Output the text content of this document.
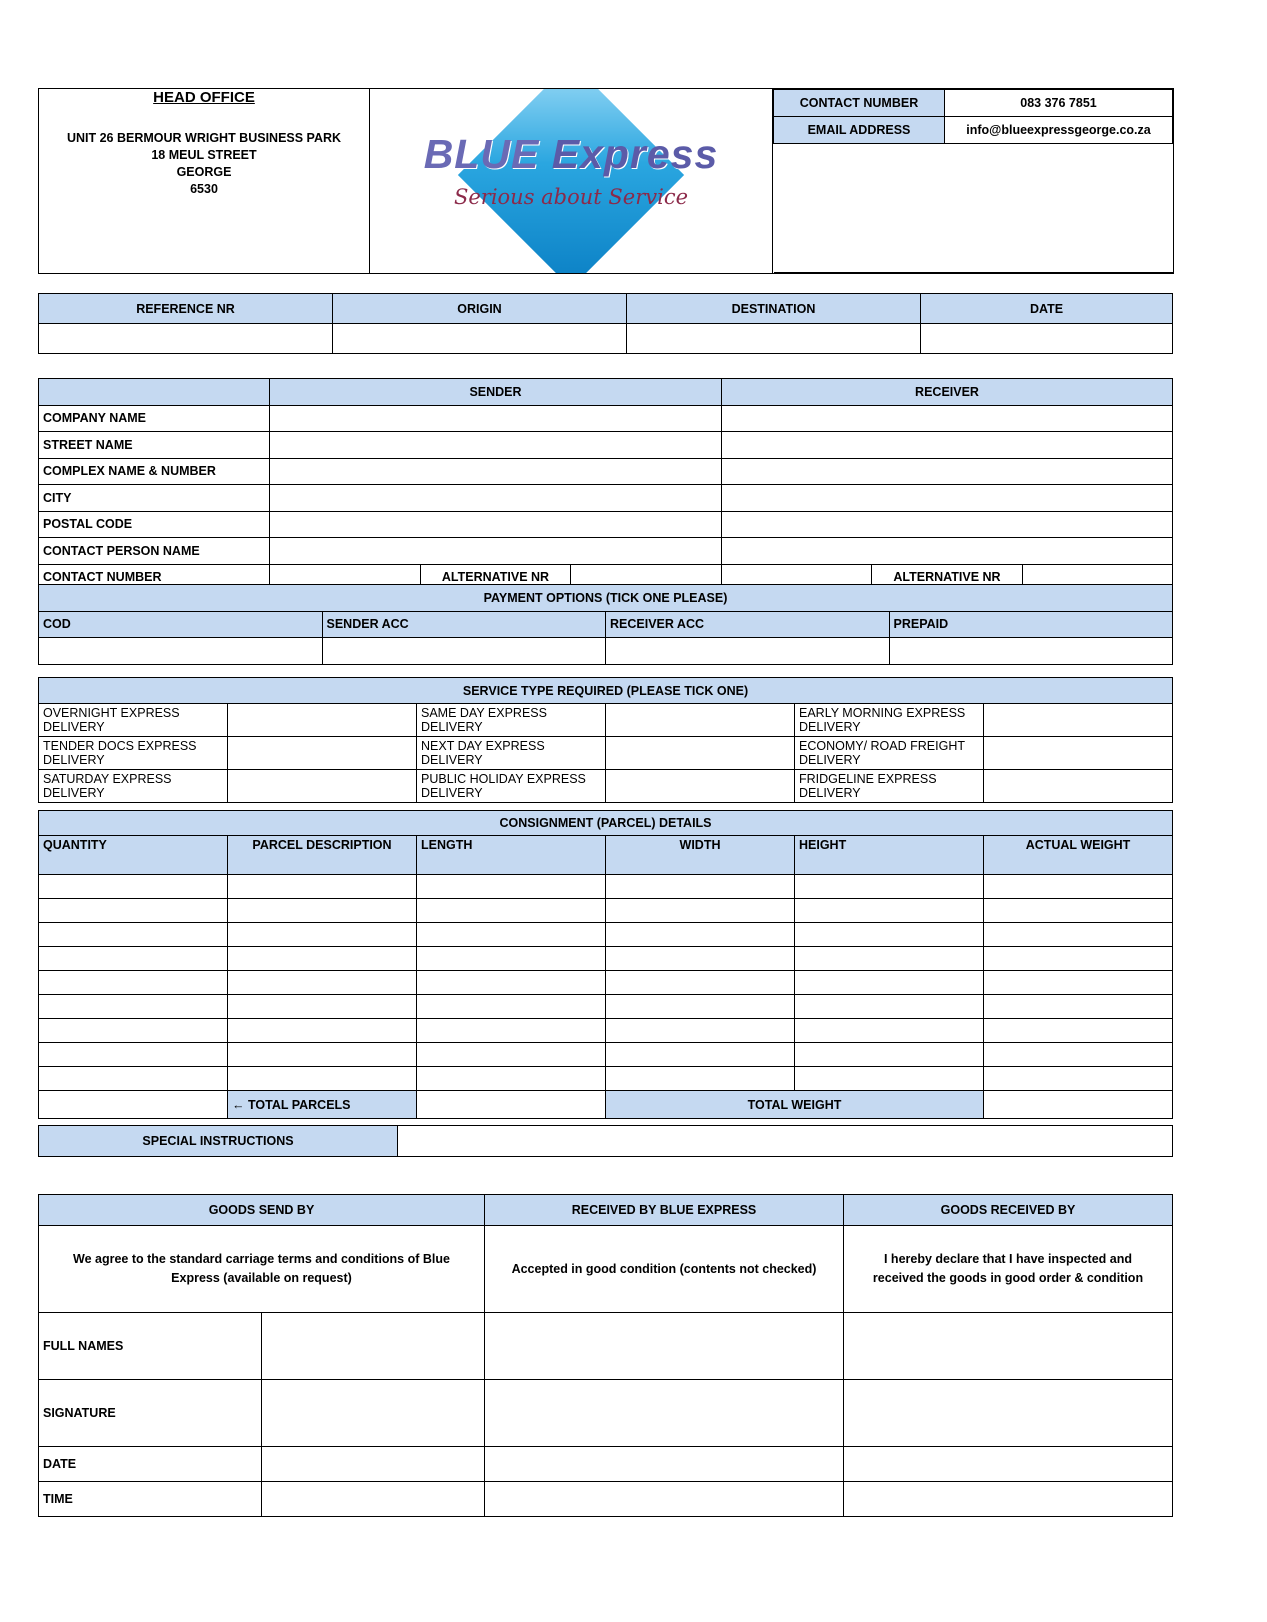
HEAD OFFICE
UNIT 26 BERMOUR WRIGHT BUSINESS PARK
18 MEUL STREET
GEORGE
6530

BLUE Express
Serious about Service

CONTACT NUMBER	083 376 7851
EMAIL ADDRESS	info@blueexpressgeorge.co.za

REFERENCE NR	ORIGIN	DESTINATION	DATE

	SENDER			RECEIVER		
COMPANY NAME						
STREET NAME						
COMPLEX NAME & NUMBER						
CITY						
POSTAL CODE						
CONTACT PERSON NAME						
CONTACT NUMBER		ALTERNATIVE NR			ALTERNATIVE NR	
PAYMENT OPTIONS (TICK ONE PLEASE)			
COD	SENDER ACC	RECEIVER ACC	PREPAID

SERVICE TYPE REQUIRED (PLEASE TICK ONE)					
OVERNIGHT EXPRESS DELIVERY		SAME DAY EXPRESS DELIVERY		EARLY MORNING EXPRESS DELIVERY	
TENDER DOCS EXPRESS DELIVERY		NEXT DAY EXPRESS DELIVERY		ECONOMY/ ROAD FREIGHT DELIVERY	
SATURDAY EXPRESS DELIVERY		PUBLIC HOLIDAY EXPRESS DELIVERY		FRIDGELINE EXPRESS DELIVERY	
CONSIGNMENT (PARCEL) DETAILS					
QUANTITY	PARCEL DESCRIPTION	LENGTH	WIDTH	HEIGHT	ACTUAL WEIGHT

	← TOTAL PARCELS		TOTAL WEIGHT		
SPECIAL INSTRUCTIONS	
GOODS SEND BY		RECEIVED BY BLUE EXPRESS	GOODS RECEIVED BY
We agree to the standard carriage terms and conditions of Blue Express (available on request)		Accepted in good condition (contents not checked)	I hereby declare that I have inspected and received the goods in good order & condition
FULL NAMES			
SIGNATURE			
DATE			
TIME			
